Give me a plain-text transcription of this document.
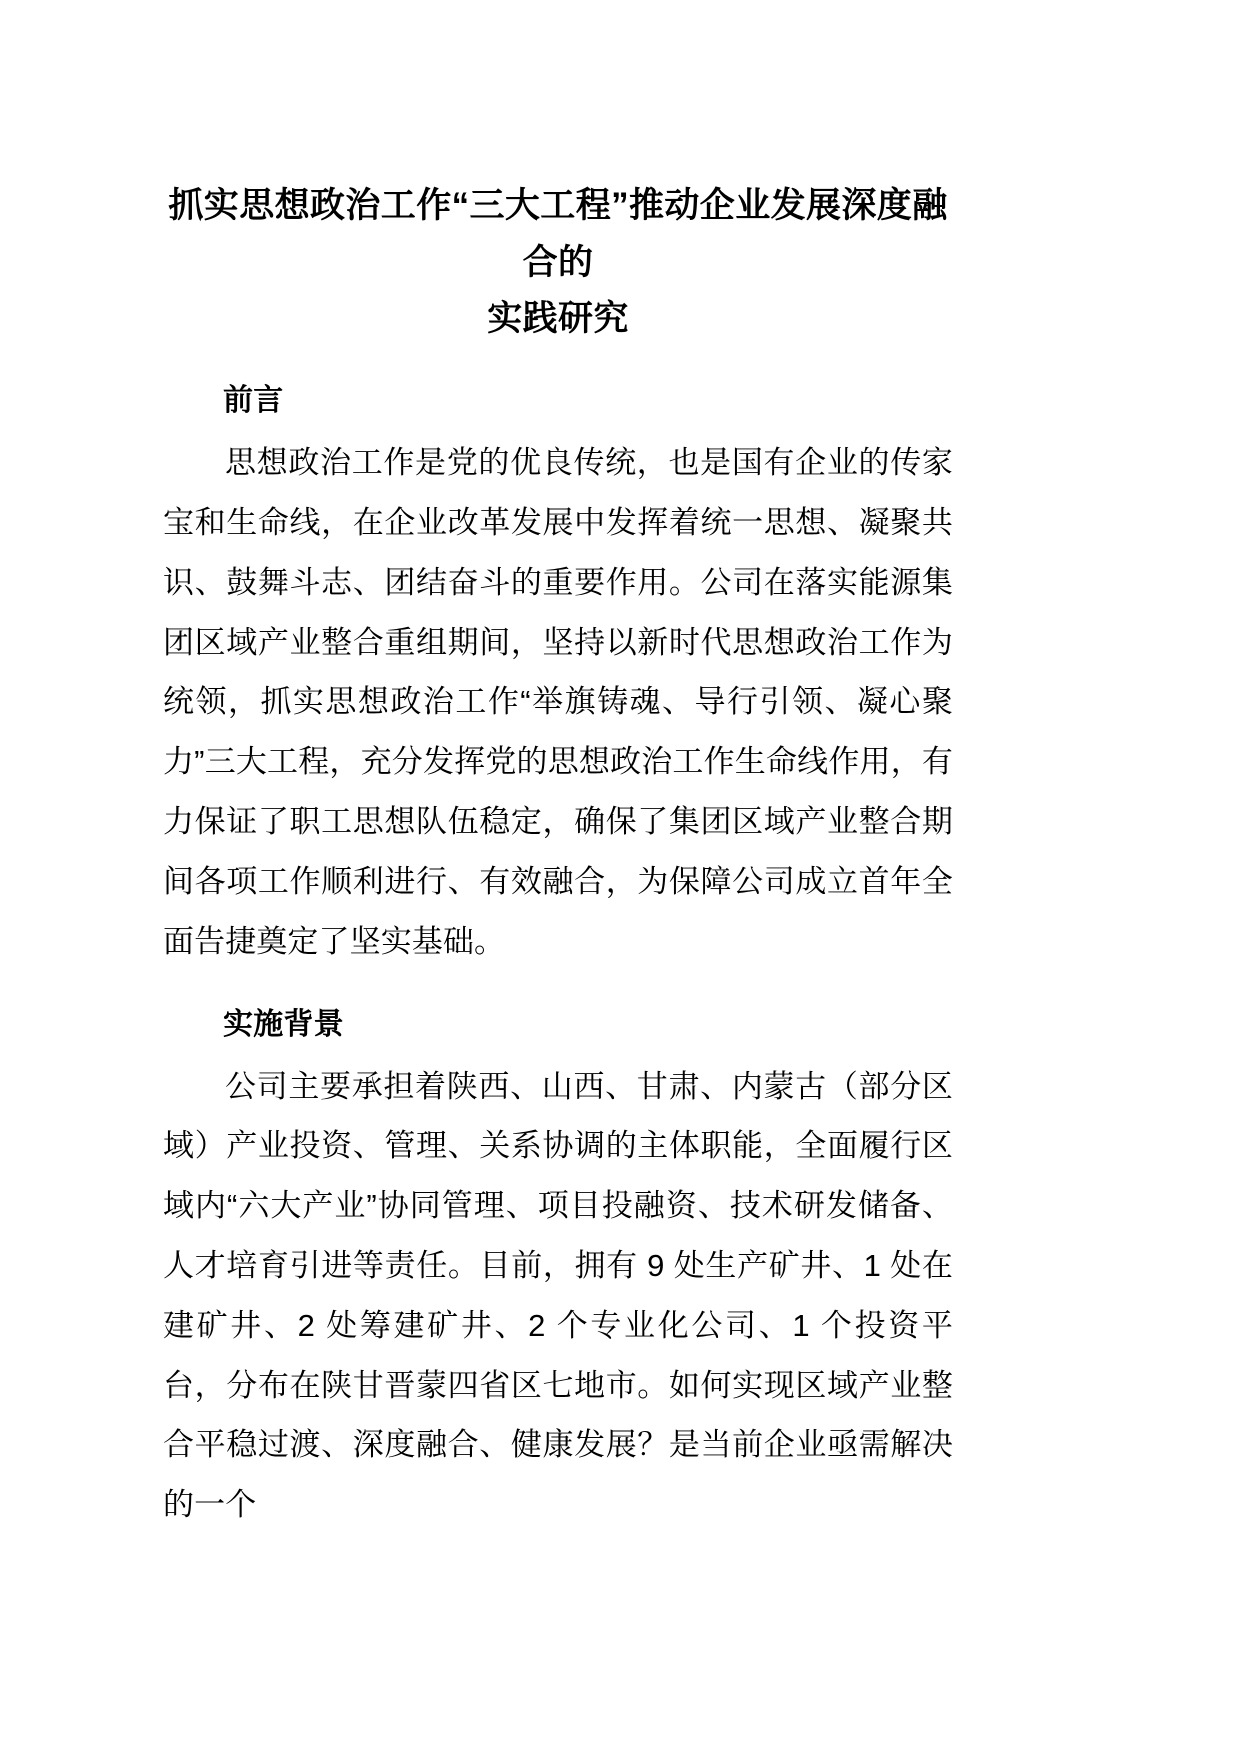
抓实思想政治工作“三大工程”推动企业发展深度融合的
实践研究
前言

思想政治工作是党的优良传统，也是国有企业的传家宝和生命线，在企业改革发展中发挥着统一思想、凝聚共识、鼓舞斗志、团结奋斗的重要作用。公司在落实能源集团区域产业整合重组期间，坚持以新时代思想政治工作为统领，抓实思想政治工作“举旗铸魂、导行引领、凝心聚力”三大工程，充分发挥党的思想政治工作生命线作用，有力保证了职工思想队伍稳定，确保了集团区域产业整合期间各项工作顺利进行、有效融合，为保障公司成立首年全面告捷奠定了坚实基础。

实施背景

公司主要承担着陕西、山西、甘肃、内蒙古（部分区域）产业投资、管理、关系协调的主体职能，全面履行区域内“六大产业”协同管理、项目投融资、技术研发储备、人才培育引进等责任。目前，拥有 9 处生产矿井、1 处在建矿井、2 处筹建矿井、2 个专业化公司、1 个投资平台，分布在陕甘晋蒙四省区七地市。如何实现区域产业整合平稳过渡、深度融合、健康发展？是当前企业亟需解决的一个
